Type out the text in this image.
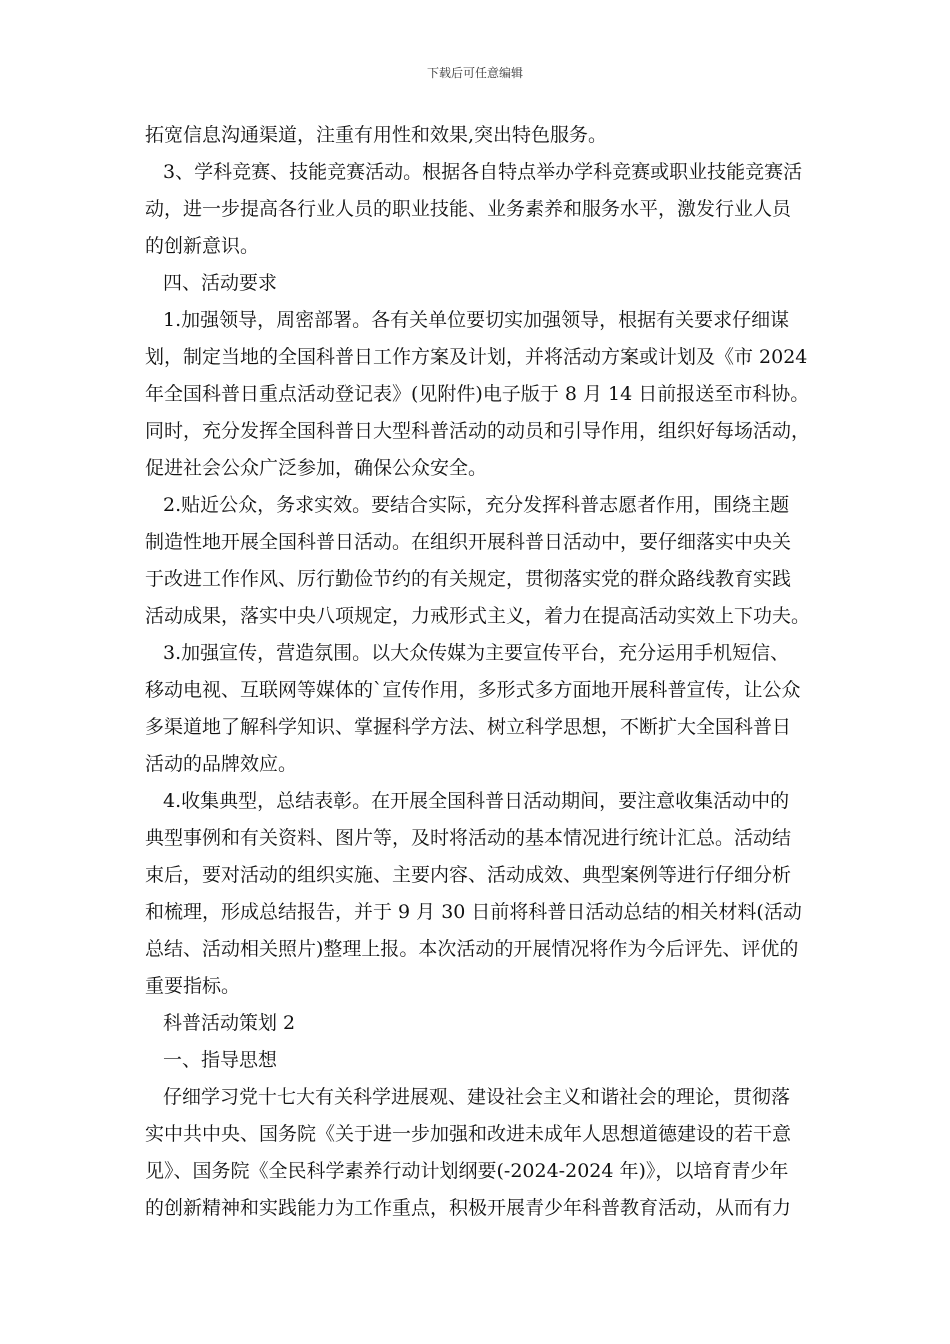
下载后可任意编辑
拓宽信息沟通渠道，注重有用性和效果,突出特色服务。
3、学科竞赛、技能竞赛活动。根据各自特点举办学科竞赛或职业技能竞赛活
动，进一步提高各行业人员的职业技能、业务素养和服务水平，激发行业人员
的创新意识。
四、活动要求
1.加强领导，周密部署。各有关单位要切实加强领导，根据有关要求仔细谋
划，制定当地的全国科普日工作方案及计划，并将活动方案或计划及《市 2024
年全国科普日重点活动登记表》(见附件)电子版于 8 月 14 日前报送至市科协。
同时，充分发挥全国科普日大型科普活动的动员和引导作用，组织好每场活动，
促进社会公众广泛参加，确保公众安全。
2.贴近公众，务求实效。要结合实际，充分发挥科普志愿者作用，围绕主题
制造性地开展全国科普日活动。在组织开展科普日活动中，要仔细落实中央关
于改进工作作风、厉行勤俭节约的有关规定，贯彻落实党的群众路线教育实践
活动成果，落实中央八项规定，力戒形式主义，着力在提高活动实效上下功夫。
3.加强宣传，营造氛围。以大众传媒为主要宣传平台，充分运用手机短信、
移动电视、互联网等媒体的`宣传作用，多形式多方面地开展科普宣传，让公众
多渠道地了解科学知识、掌握科学方法、树立科学思想，不断扩大全国科普日
活动的品牌效应。
4.收集典型，总结表彰。在开展全国科普日活动期间，要注意收集活动中的
典型事例和有关资料、图片等，及时将活动的基本情况进行统计汇总。活动结
束后，要对活动的组织实施、主要内容、活动成效、典型案例等进行仔细分析
和梳理，形成总结报告，并于 9 月 30 日前将科普日活动总结的相关材料(活动
总结、活动相关照片)整理上报。本次活动的开展情况将作为今后评先、评优的
重要指标。
科普活动策划 2
一、指导思想
仔细学习党十七大有关科学进展观、建设社会主义和谐社会的理论，贯彻落
实中共中央、国务院《关于进一步加强和改进未成年人思想道德建设的若干意
见》、国务院《全民科学素养行动计划纲要(-2024-2024 年)》，以培育青少年
的创新精神和实践能力为工作重点，积极开展青少年科普教育活动，从而有力
